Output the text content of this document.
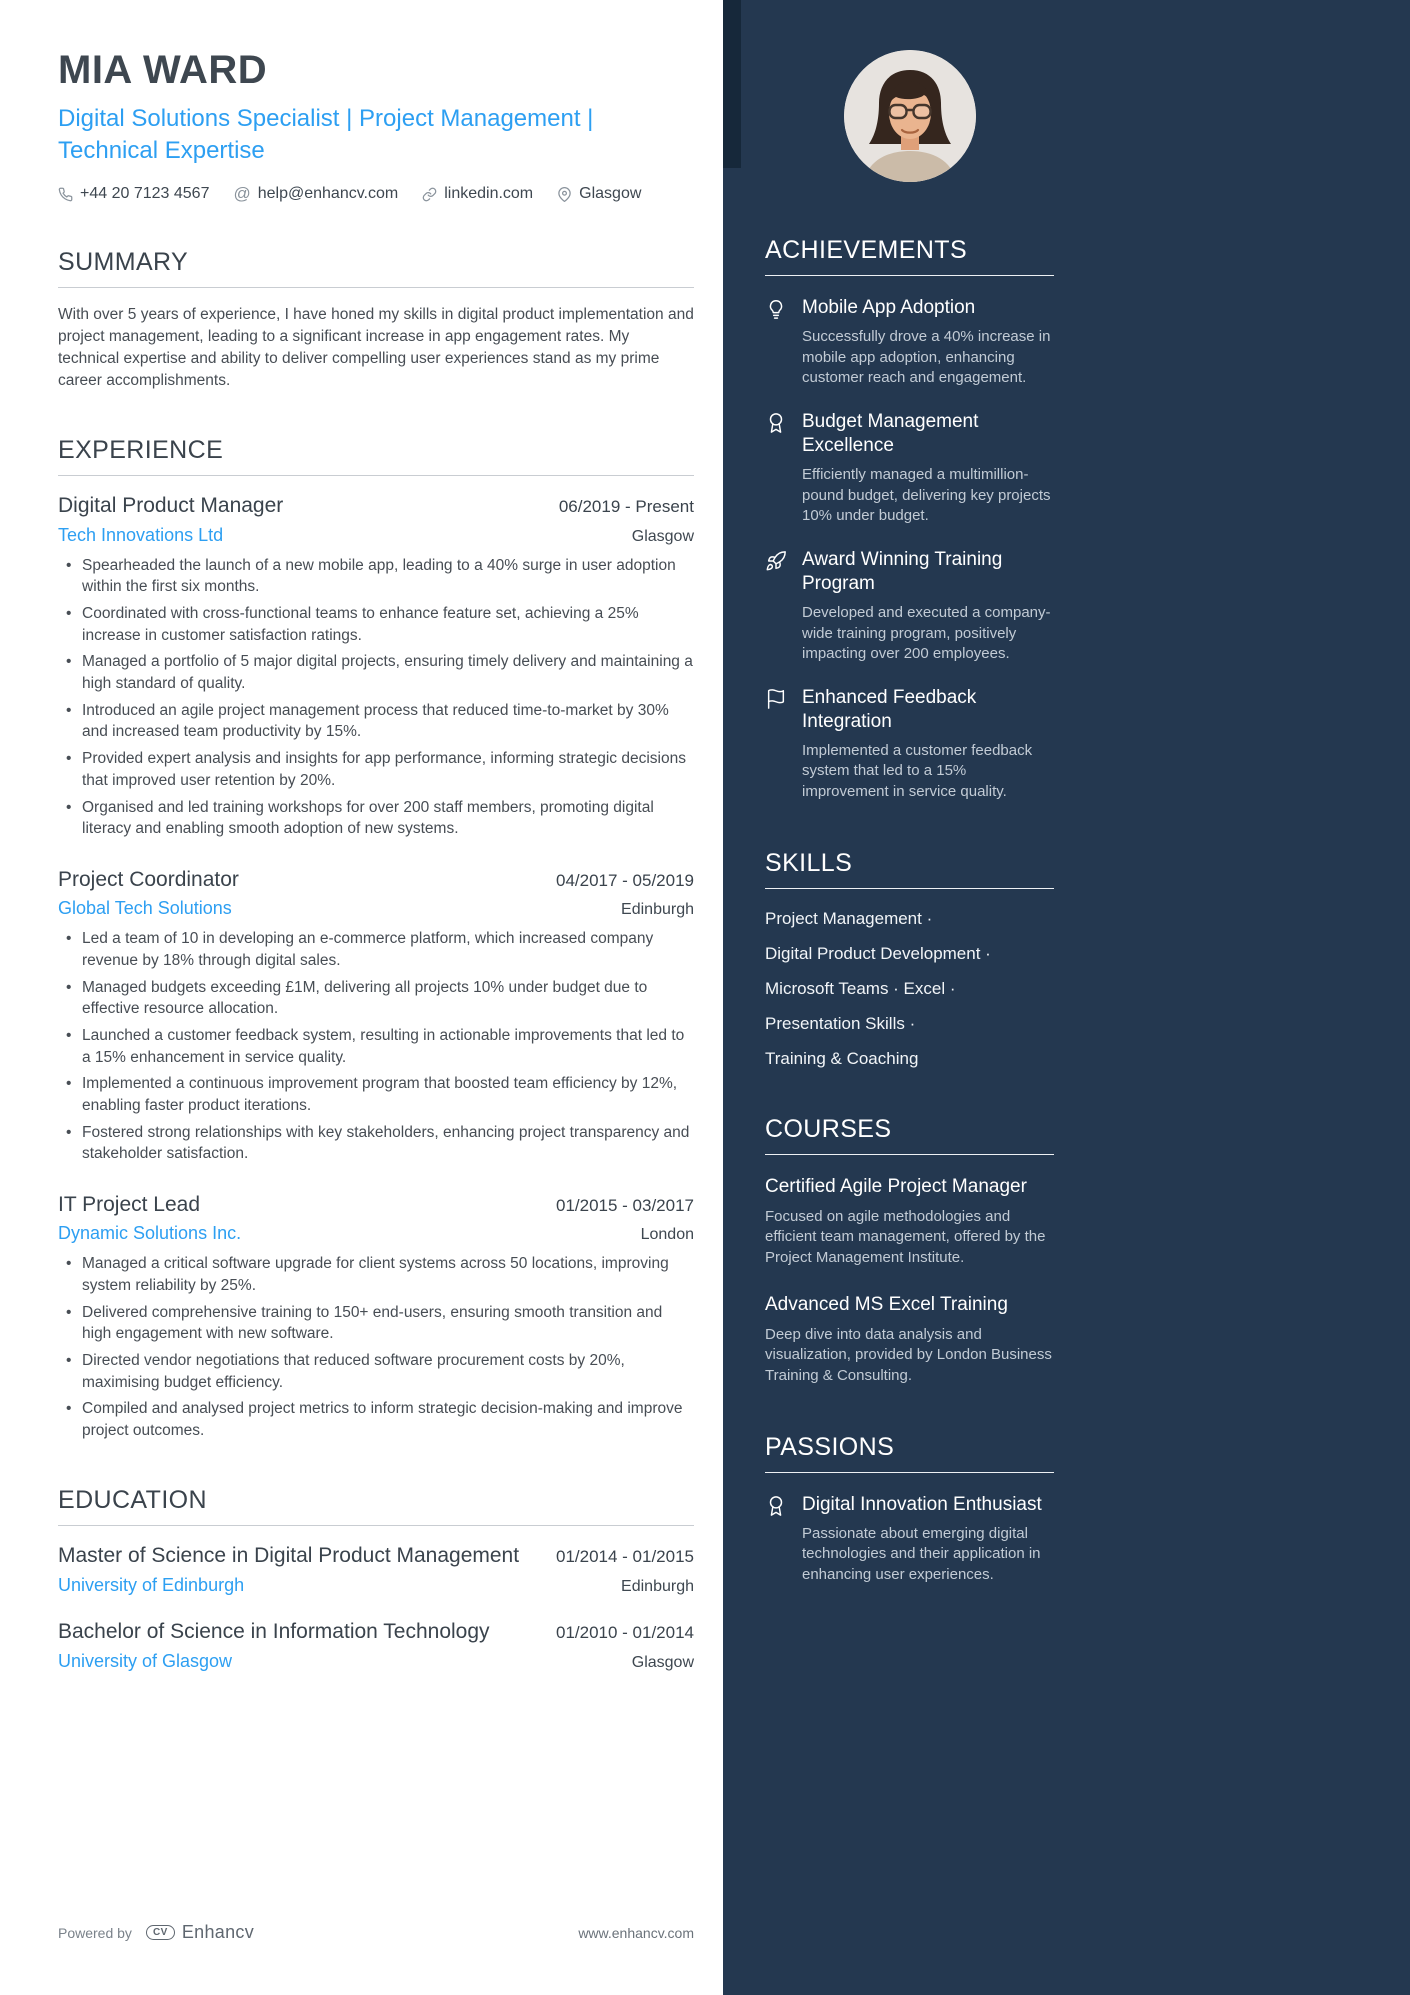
MIA WARD
Digital Solutions Specialist | Project Management | Technical Expertise
+44 20 7123 4567 @ help@enhancv.com	linkedin.com	Glasgow
SUMMARY

With over 5 years of experience, I have honed my skills in digital product implementation and project management, leading to a significant increase in app engagement rates. My technical expertise and ability to deliver compelling user experiences stand as my prime career accomplishments.

EXPERIENCE
Digital Product Manager	06/2019 - Present
Tech Innovations Ltd	Glasgow
• Spearheaded the launch of a new mobile app, leading to a 40% surge in user adoption within the first six months.
• Coordinated with cross-functional teams to enhance feature set, achieving a 25% increase in customer satisfaction ratings.
• Managed a portfolio of 5 major digital projects, ensuring timely delivery and maintaining a high standard of quality.
• Introduced an agile project management process that reduced time-to-market by 30% and increased team productivity by 15%.
• Provided expert analysis and insights for app performance, informing strategic decisions that improved user retention by 20%.
• Organised and led training workshops for over 200 staff members, promoting digital literacy and enabling smooth adoption of new systems.
Project Coordinator	04/2017 - 05/2019
Global Tech Solutions	Edinburgh
• Led a team of 10 in developing an e-commerce platform, which increased company revenue by 18% through digital sales.
• Managed budgets exceeding £1M, delivering all projects 10% under budget due to effective resource allocation.
• Launched a customer feedback system, resulting in actionable improvements that led to a 15% enhancement in service quality.
• Implemented a continuous improvement program that boosted team efficiency by 12%, enabling faster product iterations.
• Fostered strong relationships with key stakeholders, enhancing project transparency and stakeholder satisfaction.
IT Project Lead	01/2015 - 03/2017
Dynamic Solutions Inc.	London
• Managed a critical software upgrade for client systems across 50 locations, improving system reliability by 25%.
• Delivered comprehensive training to 150+ end-users, ensuring smooth transition and high engagement with new software.
• Directed vendor negotiations that reduced software procurement costs by 20%, maximising budget efficiency.
• Compiled and analysed project metrics to inform strategic decision-making and improve project outcomes.
EDUCATION
Master of Science in Digital Product Management 01/2014 - 01/2015
University of Edinburgh	Edinburgh
Bachelor of Science in Information Technology	01/2010 - 01/2014
University of Glasgow	Glasgow
Powered by	CV Enhancv	www.enhancv.com
ACHIEVEMENTS
Mobile App Adoption
Successfully drove a 40% increase in mobile app adoption, enhancing customer reach and engagement.
Budget Management Excellence
Efficiently managed a multimillion-pound budget, delivering key projects 10% under budget.
Award Winning Training Program
Developed and executed a company-wide training program, positively impacting over 200 employees.
Enhanced Feedback Integration
Implemented a customer feedback system that led to a 15% improvement in service quality.
SKILLS
Project Management ·
Digital Product Development ·
Microsoft Teams · Excel ·
Presentation Skills ·
Training & Coaching
COURSES
Certified Agile Project Manager
Focused on agile methodologies and efficient team management, offered by the Project Management Institute.
Advanced MS Excel Training
Deep dive into data analysis and visualization, provided by London Business Training & Consulting.
PASSIONS
Digital Innovation Enthusiast
Passionate about emerging digital technologies and their application in enhancing user experiences.
